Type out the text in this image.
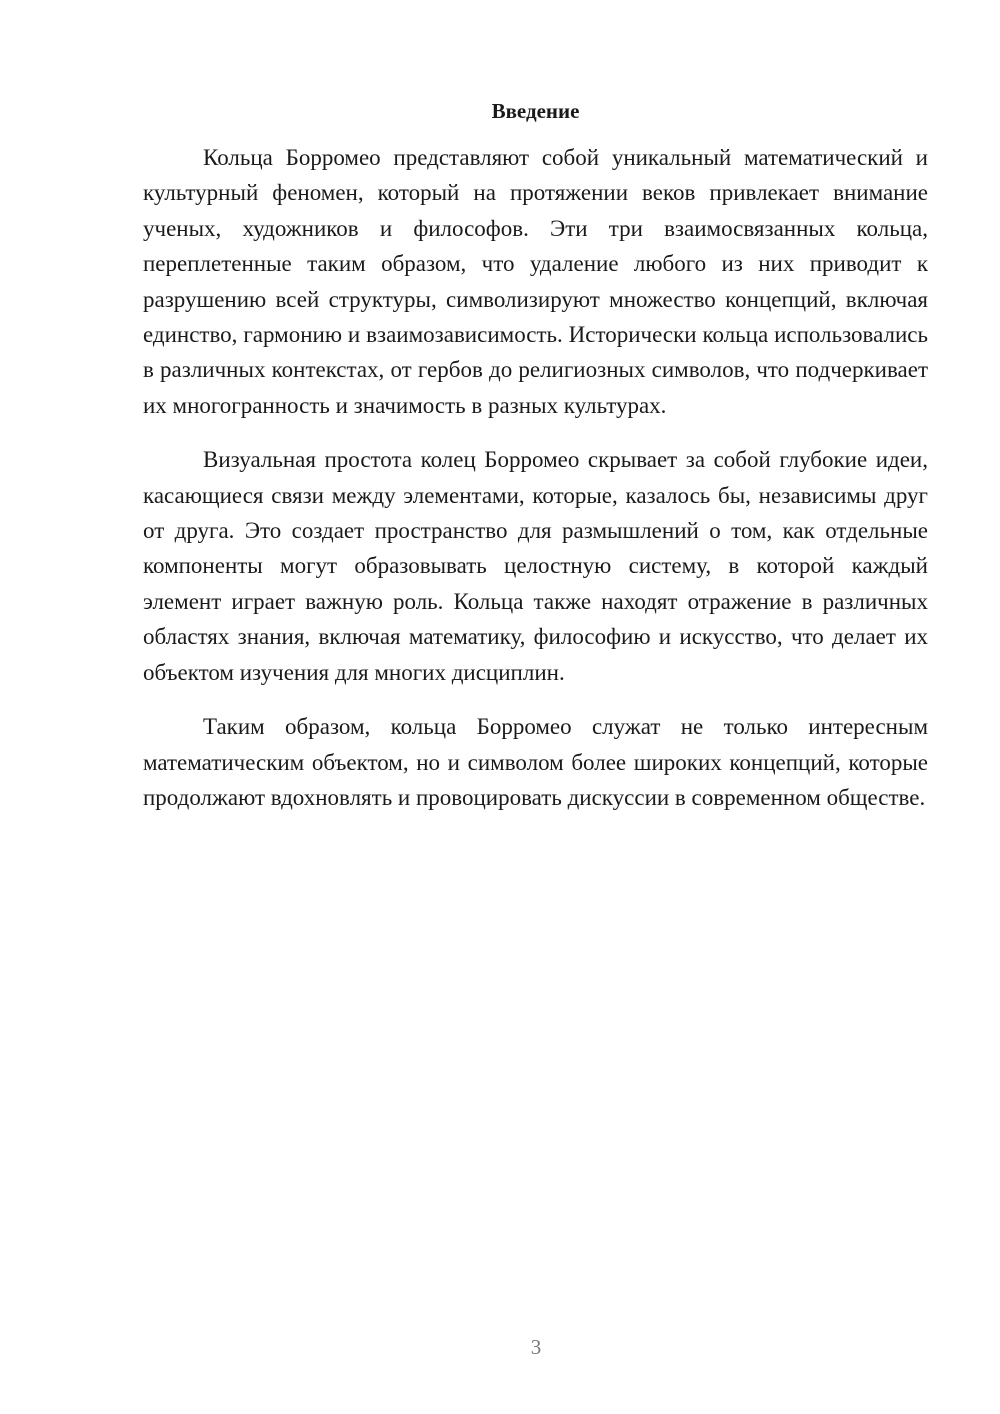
Введение

Кольца Борромео представляют собой уникальный математический и культурный феномен, который на протяжении веков привлекает внимание ученых, художников и философов. Эти три взаимосвязанных кольца, переплетенные таким образом, что удаление любого из них приводит к разрушению всей структуры, символизируют множество концепций, включая единство, гармонию и взаимозависимость. Исторически кольца использовались в различных контекстах, от гербов до религиозных символов, что подчеркивает их многогранность и значимость в разных культурах.

Визуальная простота колец Борромео скрывает за собой глубокие идеи, касающиеся связи между элементами, которые, казалось бы, независимы друг от друга. Это создает пространство для размышлений о том, как отдельные компоненты могут образовывать целостную систему, в которой каждый элемент играет важную роль. Кольца также находят отражение в различных областях знания, включая математику, философию и искусство, что делает их объектом изучения для многих дисциплин.

Таким образом, кольца Борромео служат не только интересным математическим объектом, но и символом более широких концепций, которые продолжают вдохновлять и провоцировать дискуссии в современном обществе.

3
